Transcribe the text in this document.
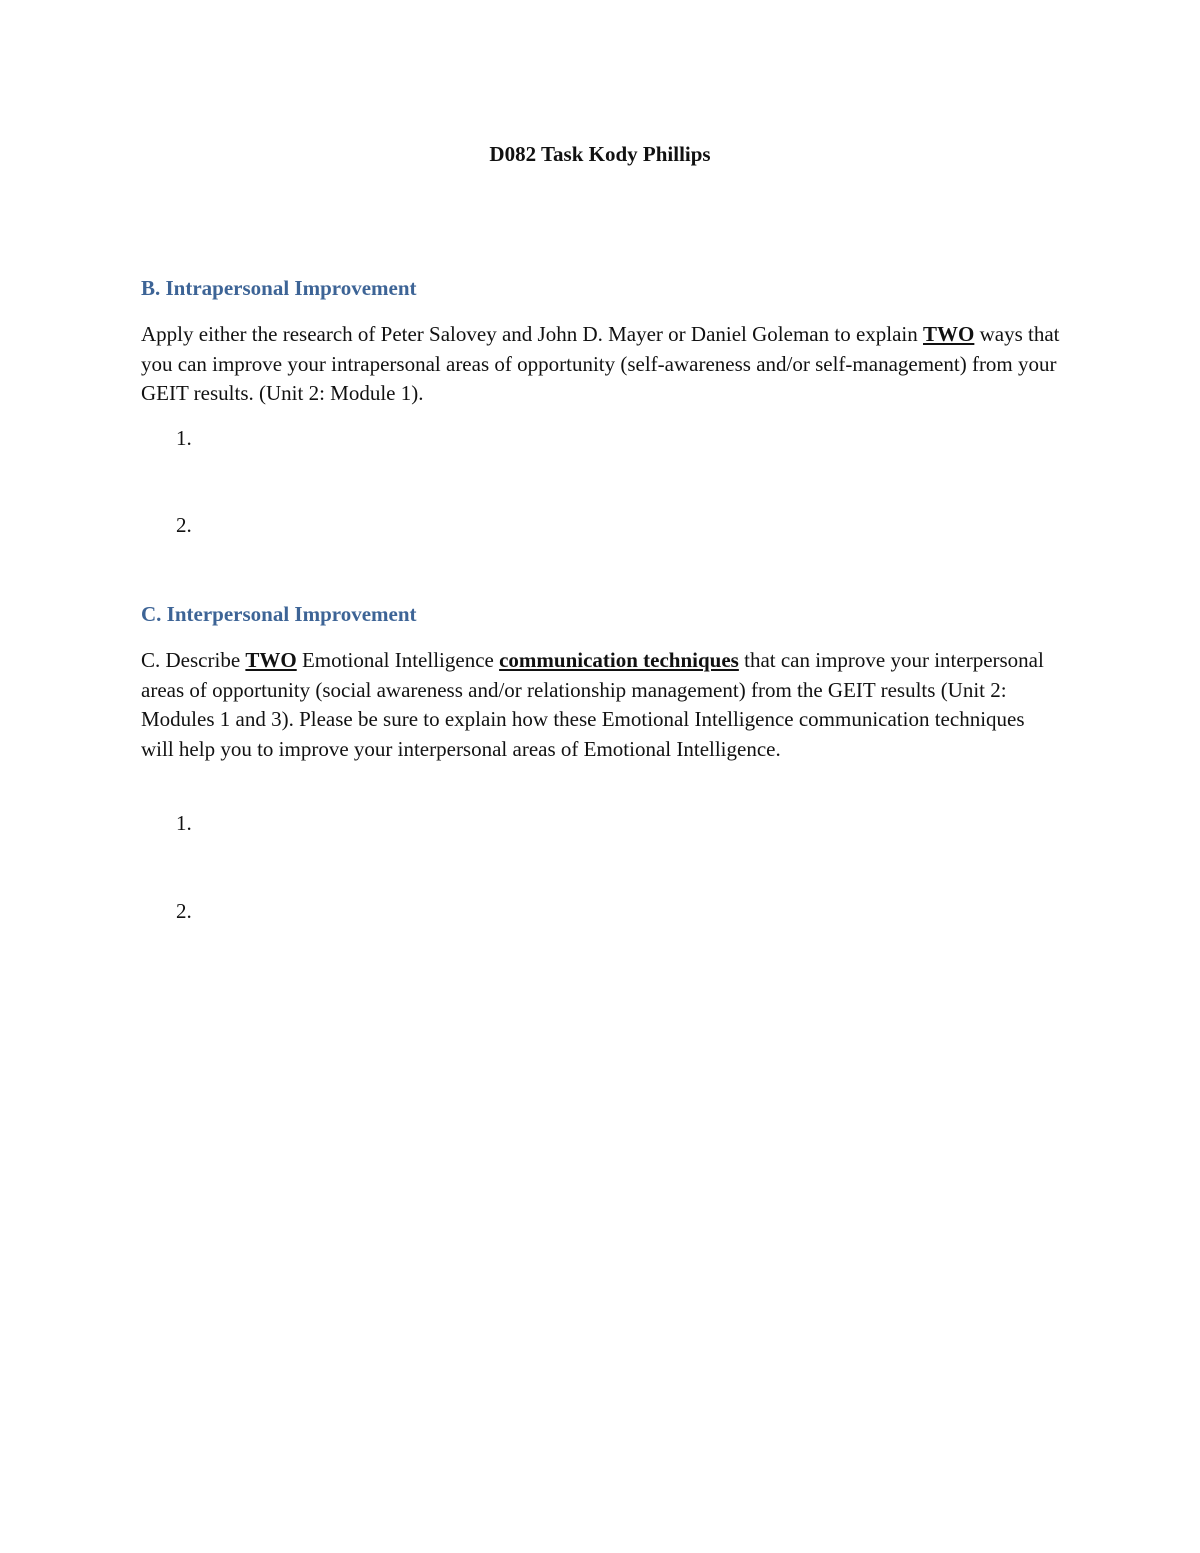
D082 Task Kody Phillips
B. Intrapersonal Improvement

Apply either the research of Peter Salovey and John D. Mayer or Daniel Goleman to explain TWO ways that you can improve your intrapersonal areas of opportunity (self-awareness and/or self-management) from your GEIT results. (Unit 2: Module 1).

1.

2.

C. Interpersonal Improvement

C. Describe TWO Emotional Intelligence communication techniques that can improve your interpersonal areas of opportunity (social awareness and/or relationship management) from the GEIT results (Unit 2: Modules 1 and 3). Please be sure to explain how these Emotional Intelligence communication techniques will help you to improve your interpersonal areas of Emotional Intelligence.

1.

2.
